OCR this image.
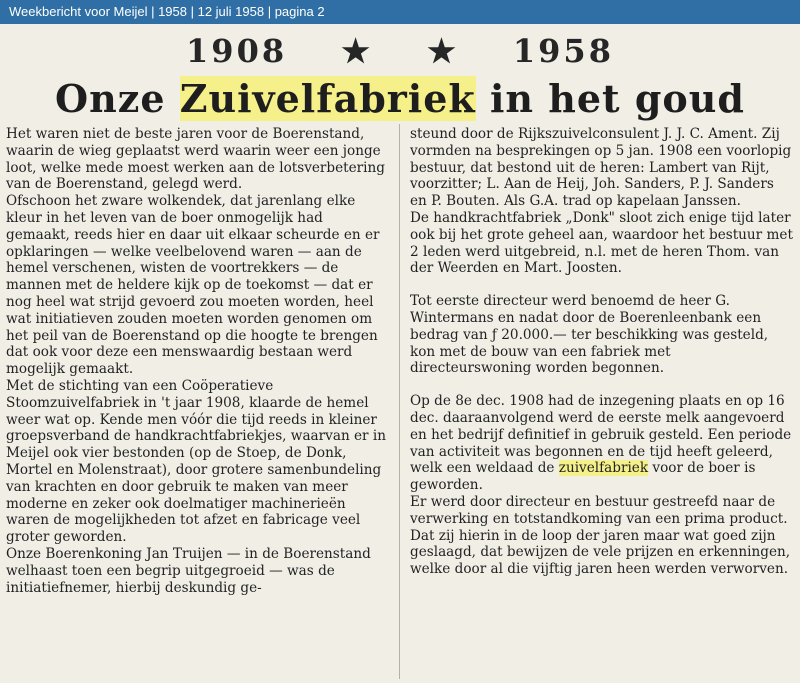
Weekbericht voor Meijel | 1958 | 12 juli 1958 | pagina 2
1908 ★ ★ 1958
Onze Zuivelfabriek in het goud

Het waren niet de beste jaren voor de Boerenstand, waarin de wieg geplaatst werd waarin weer een jonge loot, welke mede moest werken aan de lotsverbetering van de Boerenstand, gelegd werd.

Ofschoon het zware wolkendek, dat jarenlang elke kleur in het leven van de boer onmogelijk had gemaakt, reeds hier en daar uit elkaar scheurde en er opklaringen — welke veelbelovend waren — aan de hemel verschenen, wisten de voortrekkers — de mannen met de heldere kijk op de toekomst — dat er nog heel wat strijd gevoerd zou moeten worden, heel wat initiatieven zouden moeten worden genomen om het peil van de Boerenstand op die hoogte te brengen dat ook voor deze een menswaardig bestaan werd mogelijk gemaakt.

Met de stichting van een Coöperatieve Stoomzuivelfabriek in 't jaar 1908, klaarde de hemel weer wat op. Kende men vóór die tijd reeds in kleiner groepsverband de handkrachtfabriekjes, waarvan er in Meijel ook vier bestonden (op de Stoep, de Donk, Mortel en Molenstraat), door grotere samenbundeling van krachten en door gebruik te maken van meer moderne en zeker ook doelmatiger machinerieën waren de mogelijkheden tot afzet en fabricage veel groter geworden.

Onze Boerenkoning Jan Truijen — in de Boerenstand welhaast toen een begrip uitgegroeid — was de initiatiefnemer, hierbij deskundig ge-

steund door de Rijkszuivelconsulent J. J. C. Ament. Zij vormden na besprekingen op 5 jan. 1908 een voorlopig bestuur, dat bestond uit de heren: Lambert van Rijt, voorzitter; L. Aan de Heij, Joh. Sanders, P. J. Sanders en P. Bouten. Als G.A. trad op kapelaan Janssen.

De handkrachtfabriek „Donk" sloot zich enige tijd later ook bij het grote geheel aan, waardoor het bestuur met 2 leden werd uitgebreid, n.l. met de heren Thom. van der Weerden en Mart. Joosten.

Tot eerste directeur werd benoemd de heer G. Wintermans en nadat door de Boerenleenbank een bedrag van ƒ 20.000.— ter beschikking was gesteld, kon met de bouw van een fabriek met directeurswoning worden begonnen.

Op de 8e dec. 1908 had de inzegening plaats en op 16 dec. daaraanvolgend werd de eerste melk aangevoerd en het bedrijf definitief in gebruik gesteld. Een periode van activiteit was begonnen en de tijd heeft geleerd, welk een weldaad de zuivelfabriek voor de boer is geworden.

Er werd door directeur en bestuur gestreefd naar de verwerking en totstandkoming van een prima product. Dat zij hierin in de loop der jaren maar wat goed zijn geslaagd, dat bewijzen de vele prijzen en erkenningen, welke door al die vijftig jaren heen werden verworven.
